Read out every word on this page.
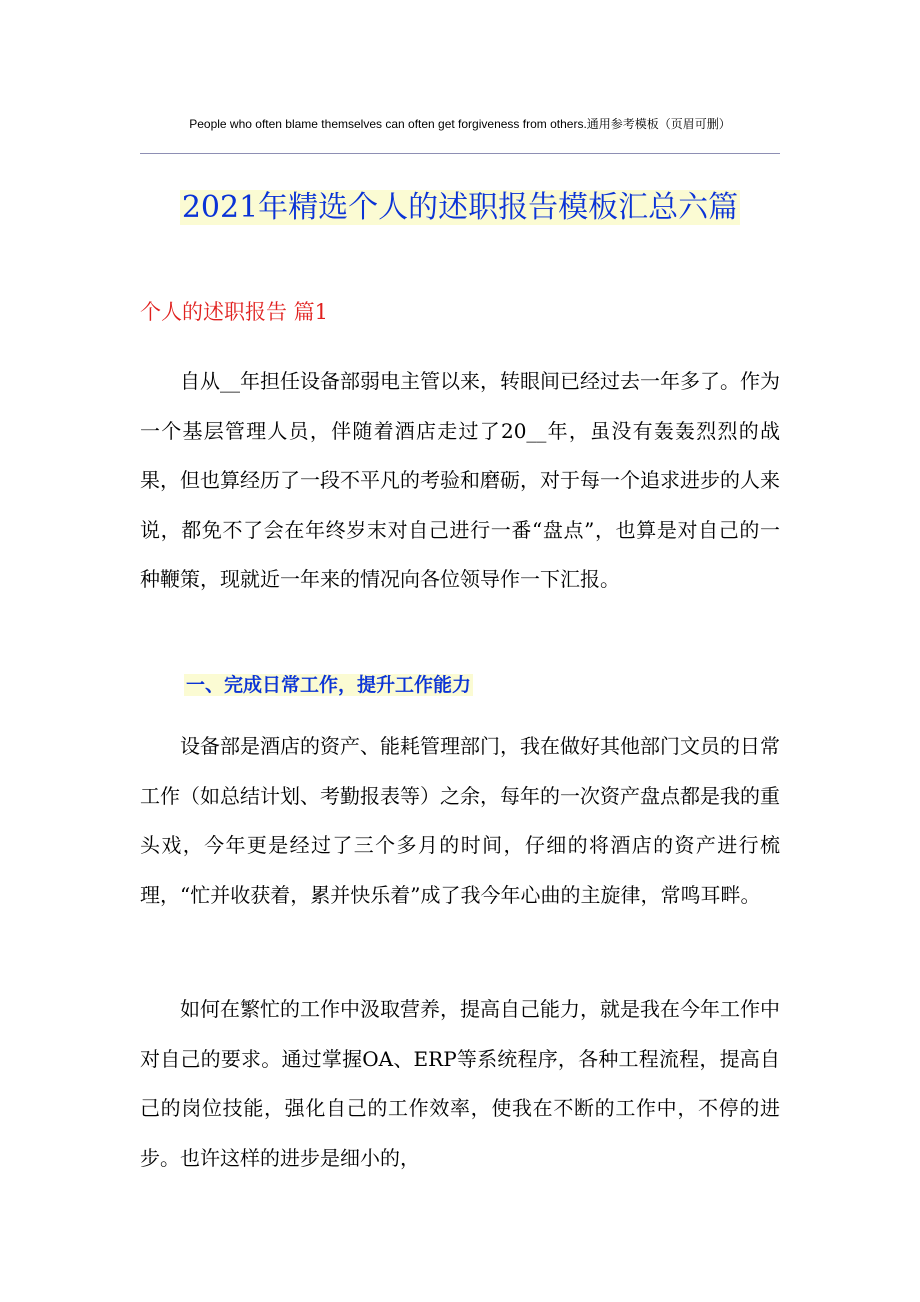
People who often blame themselves can often get forgiveness from others.通用参考模板（页眉可删）
2021年精选个人的述职报告模板汇总六篇
个人的述职报告 篇1

自从__年担任设备部弱电主管以来，转眼间已经过去一年多了。作为一个基层管理人员，伴随着酒店走过了20__年，虽没有轰轰烈烈的战果，但也算经历了一段不平凡的考验和磨砺，对于每一个追求进步的人来说，都免不了会在年终岁末对自己进行一番“盘点”，也算是对自己的一种鞭策，现就近一年来的情况向各位领导作一下汇报。

一、完成日常工作，提升工作能力

设备部是酒店的资产、能耗管理部门，我在做好其他部门文员的日常工作（如总结计划、考勤报表等）之余，每年的一次资产盘点都是我的重头戏，今年更是经过了三个多月的时间，仔细的将酒店的资产进行梳理，“忙并收获着，累并快乐着”成了我今年心曲的主旋律，常鸣耳畔。

如何在繁忙的工作中汲取营养，提高自己能力，就是我在今年工作中对自己的要求。通过掌握OA、ERP等系统程序，各种工程流程，提高自己的岗位技能，强化自己的工作效率，使我在不断的工作中，不停的进步。也许这样的进步是细小的，
